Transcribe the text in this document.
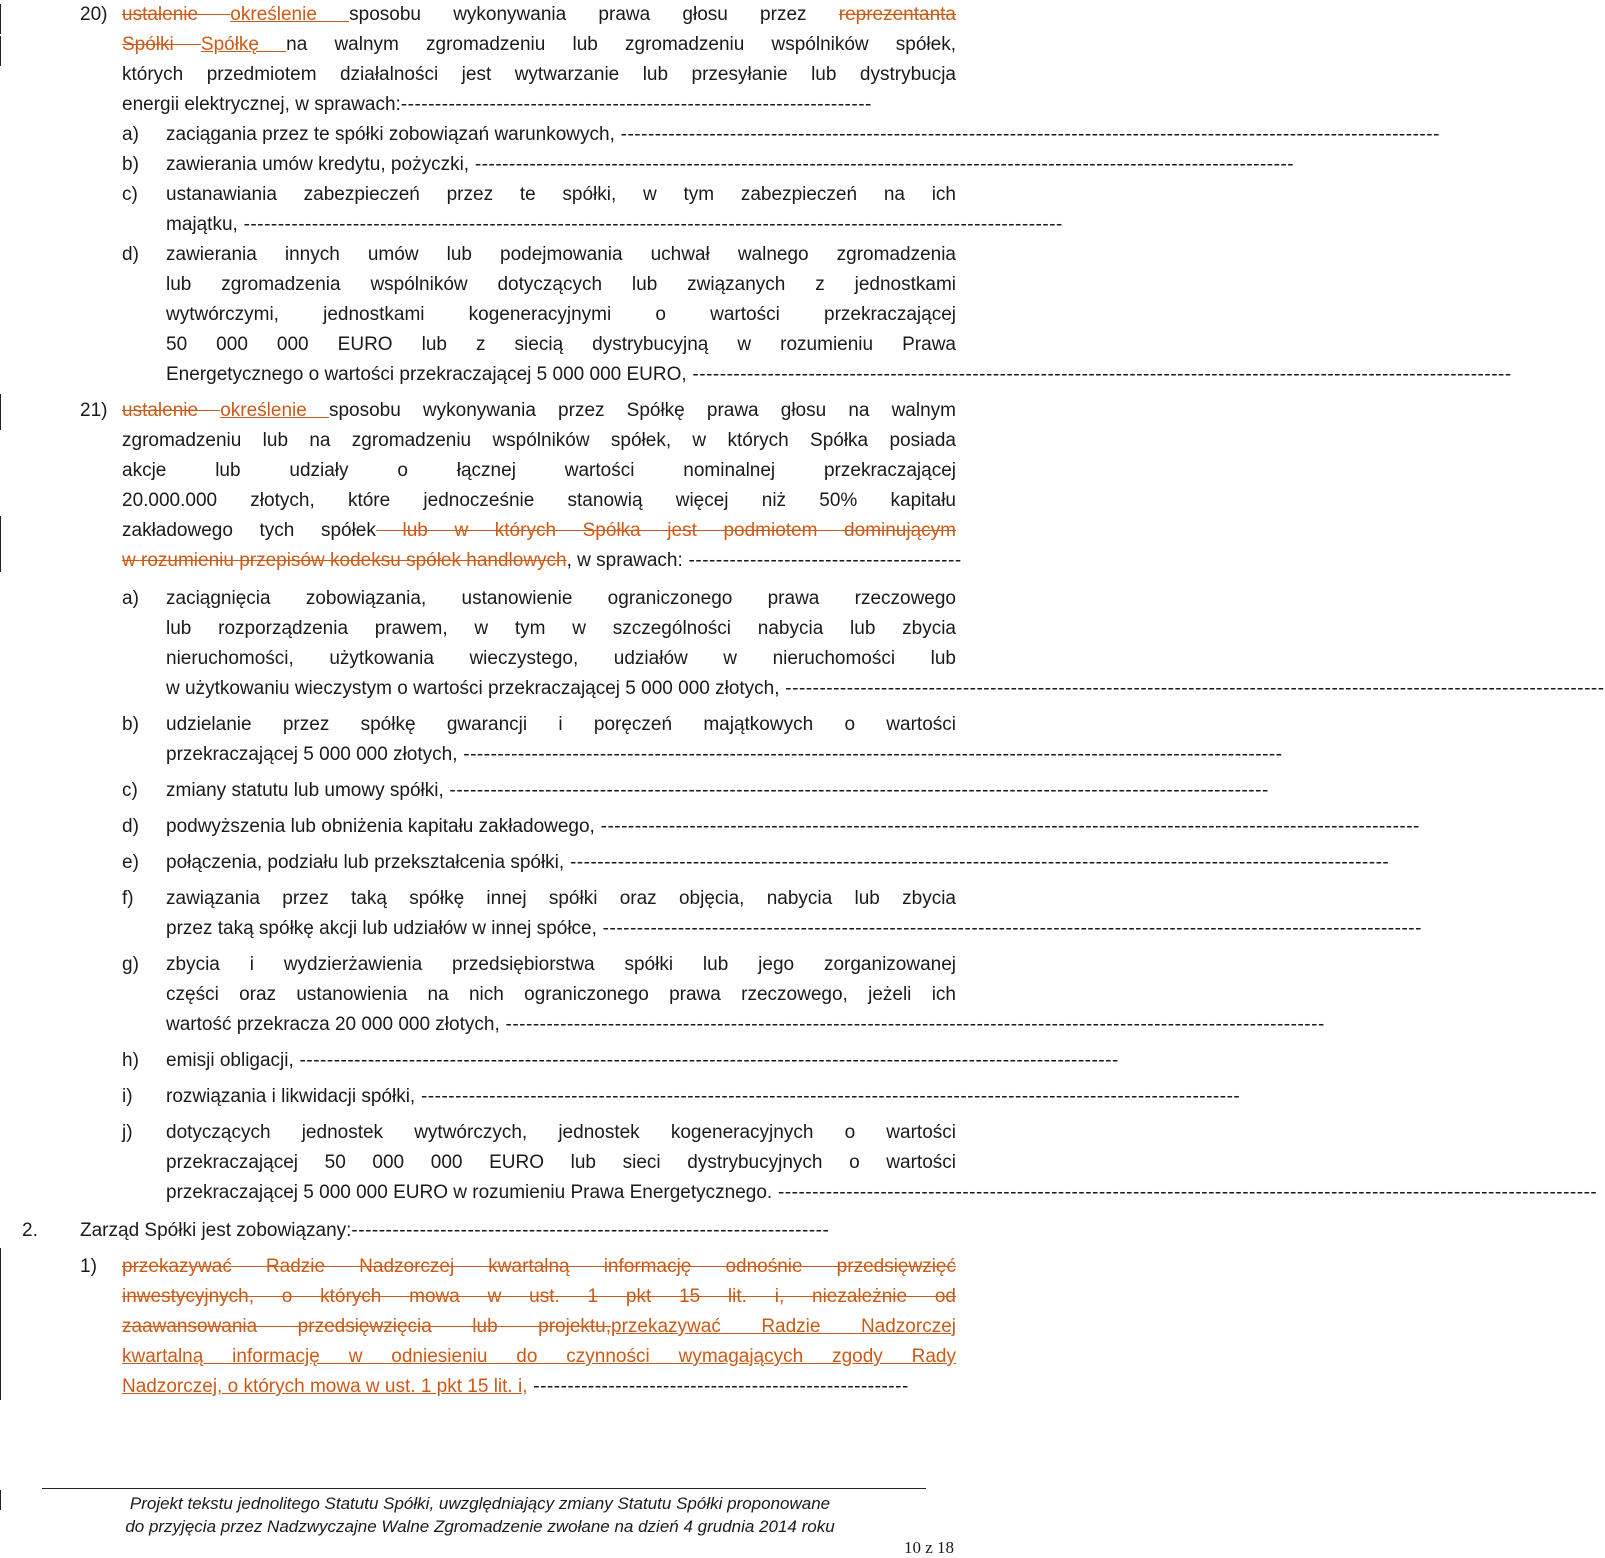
20) ustalenie określenie sposobu wykonywania prawa głosu przez reprezentanta
Spółki Spółkę na walnym zgromadzeniu lub zgromadzeniu wspólników spółek,
których przedmiotem działalności jest wytwarzanie lub przesyłanie lub dystrybucja
energii elektrycznej, w sprawach:---------------------------------------------------------------------
a) zaciągania przez te spółki zobowiązań warunkowych, ------------------------------------------------------------------------------------------------------------------------
b) zawierania umów kredytu, pożyczki, ------------------------------------------------------------------------------------------------------------------------
c) ustanawiania zabezpieczeń przez te spółki, w tym zabezpieczeń na ich
majątku, ------------------------------------------------------------------------------------------------------------------------
d) zawierania innych umów lub podejmowania uchwał walnego zgromadzenia
lub zgromadzenia wspólników dotyczących lub związanych z jednostkami
wytwórczymi, jednostkami kogeneracyjnymi o wartości przekraczającej
50 000 000 EURO lub z siecią dystrybucyjną w rozumieniu Prawa
Energetycznego o wartości przekraczającej 5 000 000 EURO, ------------------------------------------------------------------------------------------------------------------------
21) ustalenie określenie sposobu wykonywania przez Spółkę prawa głosu na walnym
zgromadzeniu lub na zgromadzeniu wspólników spółek, w których Spółka posiada
akcje lub udziały o łącznej wartości nominalnej przekraczającej
20.000.000 złotych, które jednocześnie stanowią więcej niż 50% kapitału
zakładowego tych spółek lub w których Spółka jest podmiotem dominującym
w rozumieniu przepisów kodeksu spółek handlowych, w sprawach: ----------------------------------------
a) zaciągnięcia zobowiązania, ustanowienie ograniczonego prawa rzeczowego
lub rozporządzenia prawem, w tym w szczególności nabycia lub zbycia
nieruchomości, użytkowania wieczystego, udziałów w nieruchomości lub
w użytkowaniu wieczystym o wartości przekraczającej 5 000 000 złotych, ------------------------------------------------------------------------------------------------------------------------
b) udzielanie przez spółkę gwarancji i poręczeń majątkowych o wartości
przekraczającej 5 000 000 złotych, ------------------------------------------------------------------------------------------------------------------------
c) zmiany statutu lub umowy spółki, ------------------------------------------------------------------------------------------------------------------------
d) podwyższenia lub obniżenia kapitału zakładowego, ------------------------------------------------------------------------------------------------------------------------
e) połączenia, podziału lub przekształcenia spółki, ------------------------------------------------------------------------------------------------------------------------
f) zawiązania przez taką spółkę innej spółki oraz objęcia, nabycia lub zbycia
przez taką spółkę akcji lub udziałów w innej spółce, ------------------------------------------------------------------------------------------------------------------------
g) zbycia i wydzierżawienia przedsiębiorstwa spółki lub jego zorganizowanej
części oraz ustanowienia na nich ograniczonego prawa rzeczowego, jeżeli ich
wartość przekracza 20 000 000 złotych, ------------------------------------------------------------------------------------------------------------------------
h) emisji obligacji, ------------------------------------------------------------------------------------------------------------------------
i) rozwiązania i likwidacji spółki, ------------------------------------------------------------------------------------------------------------------------
j) dotyczących jednostek wytwórczych, jednostek kogeneracyjnych o wartości
przekraczającej 50 000 000 EURO lub sieci dystrybucyjnych o wartości
przekraczającej 5 000 000 EURO w rozumieniu Prawa Energetycznego. ------------------------------------------------------------------------------------------------------------------------
2. Zarząd Spółki jest zobowiązany:----------------------------------------------------------------------
1) przekazywać Radzie Nadzorczej kwartalną informację odnośnie przedsięwzięć
inwestycyjnych, o których mowa w ust. 1 pkt 15 lit. i, niezależnie od
zaawansowania przedsięwzięcia lub projektu,przekazywać Radzie Nadzorczej
kwartalną informację w odniesieniu do czynności wymagających zgody Rady
Nadzorczej, o których mowa w ust. 1 pkt 15 lit. i, -------------------------------------------------------
Projekt tekstu jednolitego Statutu Spółki, uwzględniający zmiany Statutu Spółki proponowane
do przyjęcia przez Nadzwyczajne Walne Zgromadzenie zwołane na dzień 4 grudnia 2014 roku
10 z 18
